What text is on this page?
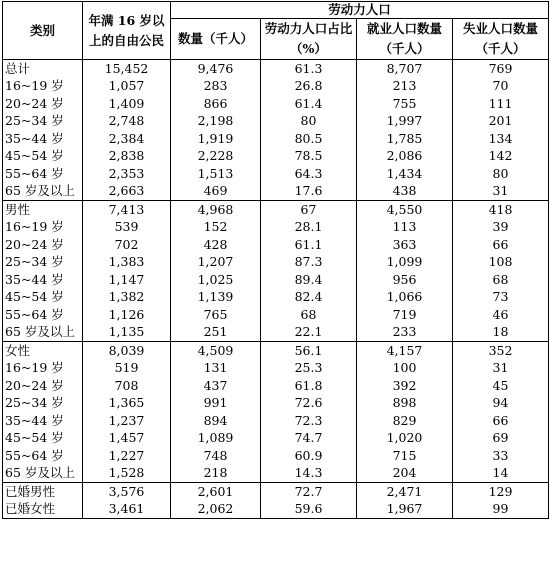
类别	年满 16 岁以上的自由公民	劳动力人口			
		数量（千人）	劳动力人口占比（%）	就业人口数量（千人）	失业人口数量（千人）
总计	15,452	9,476	61.3	8,707	769
16~19 岁	1,057	283	26.8	213	70
20~24 岁	1,409	866	61.4	755	111
25~34 岁	2,748	2,198	80	1,997	201
35~44 岁	2,384	1,919	80.5	1,785	134
45~54 岁	2,838	2,228	78.5	2,086	142
55~64 岁	2,353	1,513	64.3	1,434	80
65 岁及以上	2,663	469	17.6	438	31
男性	7,413	4,968	67	4,550	418
16~19 岁	539	152	28.1	113	39
20~24 岁	702	428	61.1	363	66
25~34 岁	1,383	1,207	87.3	1,099	108
35~44 岁	1,147	1,025	89.4	956	68
45~54 岁	1,382	1,139	82.4	1,066	73
55~64 岁	1,126	765	68	719	46
65 岁及以上	1,135	251	22.1	233	18
女性	8,039	4,509	56.1	4,157	352
16~19 岁	519	131	25.3	100	31
20~24 岁	708	437	61.8	392	45
25~34 岁	1,365	991	72.6	898	94
35~44 岁	1,237	894	72.3	829	66
45~54 岁	1,457	1,089	74.7	1,020	69
55~64 岁	1,227	748	60.9	715	33
65 岁及以上	1,528	218	14.3	204	14
已婚男性	3,576	2,601	72.7	2,471	129
已婚女性	3,461	2,062	59.6	1,967	99
